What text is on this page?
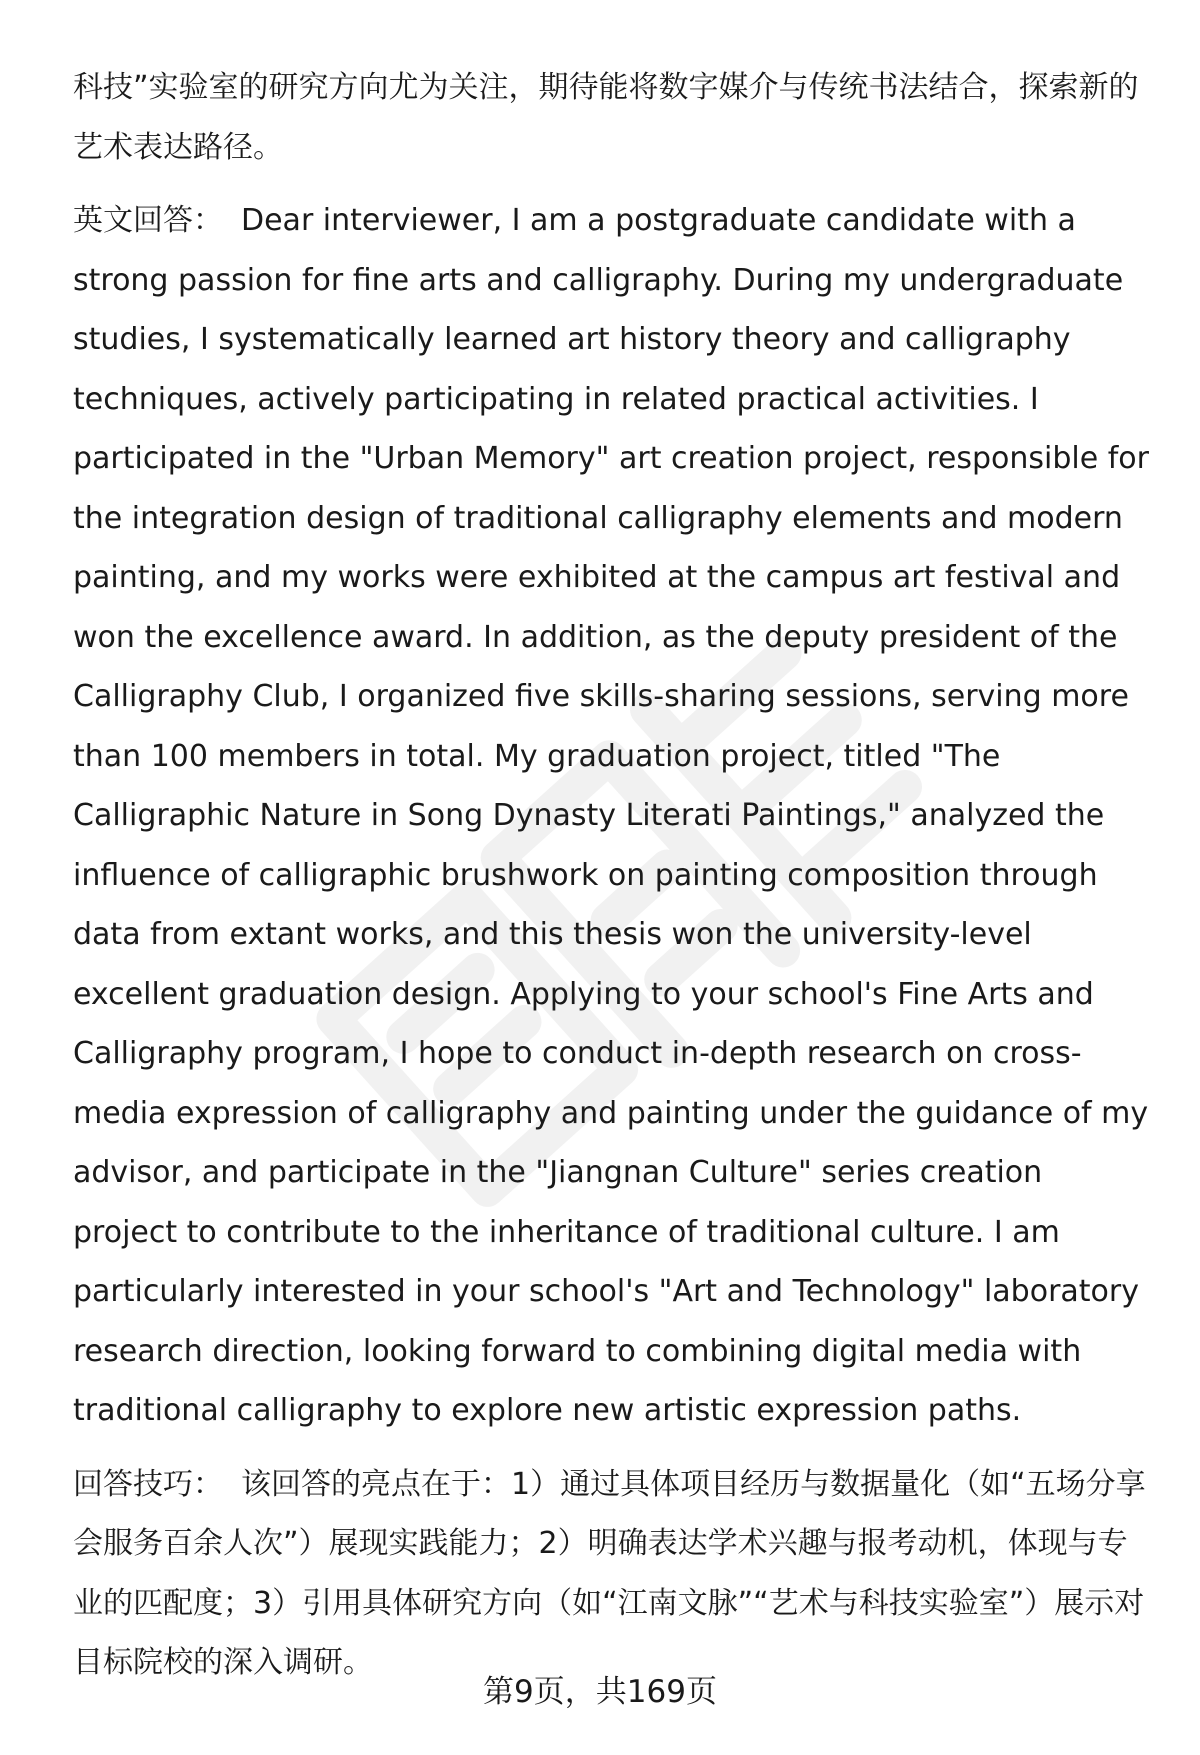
科技”实验室的研究方向尤为关注，期待能将数字媒介与传统书法结合，探索新的艺术表达路径。

英文回答： Dear interviewer, I am a postgraduate candidate with a strong passion for fine arts and calligraphy. During my undergraduate studies, I systematically learned art history theory and calligraphy techniques, actively participating in related practical activities. I participated in the "Urban Memory" art creation project, responsible for the integration design of traditional calligraphy elements and modern painting, and my works were exhibited at the campus art festival and won the excellence award. In addition, as the deputy president of the Calligraphy Club, I organized five skills-sharing sessions, serving more than 100 members in total. My graduation project, titled "The Calligraphic Nature in Song Dynasty Literati Paintings," analyzed the influence of calligraphic brushwork on painting composition through data from extant works, and this thesis won the university-level excellent graduation design. Applying to your school's Fine Arts and Calligraphy program, I hope to conduct in-depth research on cross-media expression of calligraphy and painting under the guidance of my advisor, and participate in the "Jiangnan Culture" series creation project to contribute to the inheritance of traditional culture. I am particularly interested in your school's "Art and Technology" laboratory research direction, looking forward to combining digital media with traditional calligraphy to explore new artistic expression paths.

回答技巧： 该回答的亮点在于：1）通过具体项目经历与数据量化（如“五场分享会服务百余人次”）展现实践能力；2）明确表达学术兴趣与报考动机，体现与专业的匹配度；3）引用具体研究方向（如“江南文脉”“艺术与科技实验室”）展示对目标院校的深入调研。

第9页，共169页
